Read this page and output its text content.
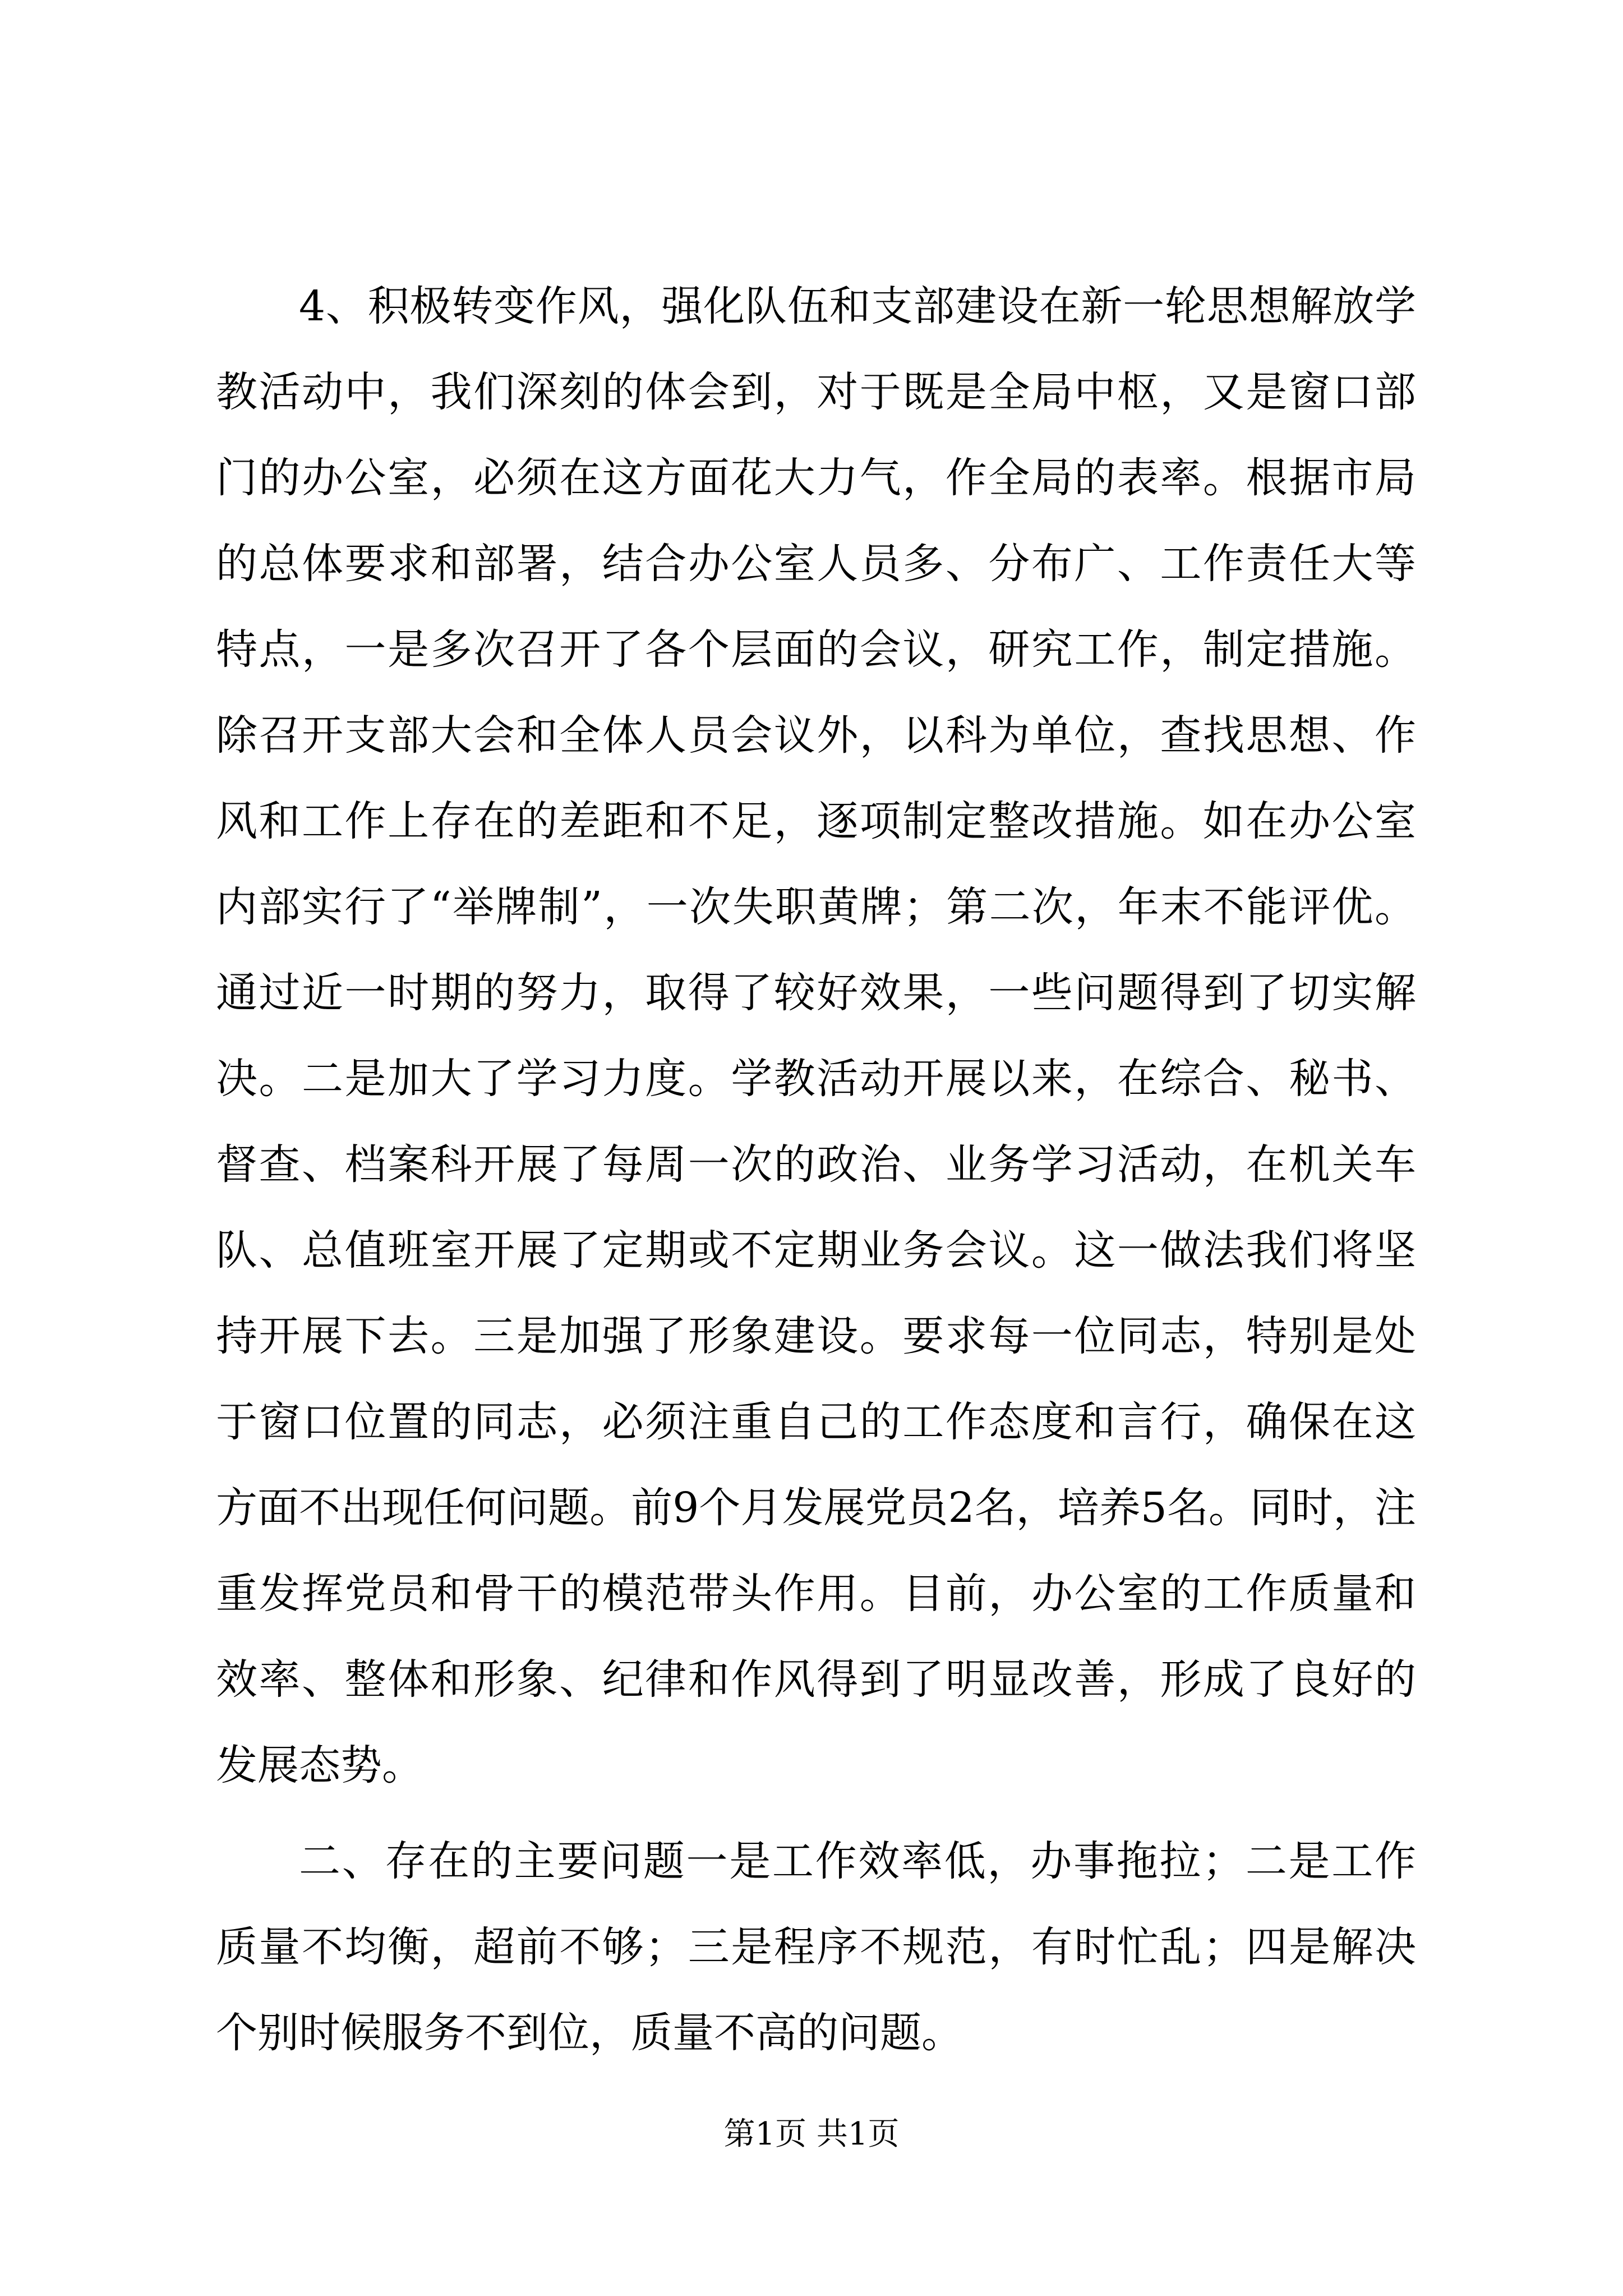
4、积极转变作风，强化队伍和支部建设在新一轮思想解放学教活动中，我们深刻的体会到，对于既是全局中枢，又是窗口部门的办公室，必须在这方面花大力气，作全局的表率。根据市局的总体要求和部署，结合办公室人员多、分布广、工作责任大等特点，一是多次召开了各个层面的会议，研究工作，制定措施。除召开支部大会和全体人员会议外，以科为单位，查找思想、作风和工作上存在的差距和不足，逐项制定整改措施。如在办公室内部实行了“举牌制”，一次失职黄牌；第二次，年末不能评优。通过近一时期的努力，取得了较好效果，一些问题得到了切实解决。二是加大了学习力度。学教活动开展以来，在综合、秘书、督查、档案科开展了每周一次的政治、业务学习活动，在机关车队、总值班室开展了定期或不定期业务会议。这一做法我们将坚持开展下去。三是加强了形象建设。要求每一位同志，特别是处于窗口位置的同志，必须注重自己的工作态度和言行，确保在这方面不出现任何问题。前9个月发展党员2名，培养5名。同时，注重发挥党员和骨干的模范带头作用。目前，办公室的工作质量和效率、整体和形象、纪律和作风得到了明显改善，形成了良好的发展态势。

二、存在的主要问题一是工作效率低，办事拖拉；二是工作质量不均衡，超前不够；三是程序不规范，有时忙乱；四是解决个别时候服务不到位，质量不高的问题。

第1页 共1页
